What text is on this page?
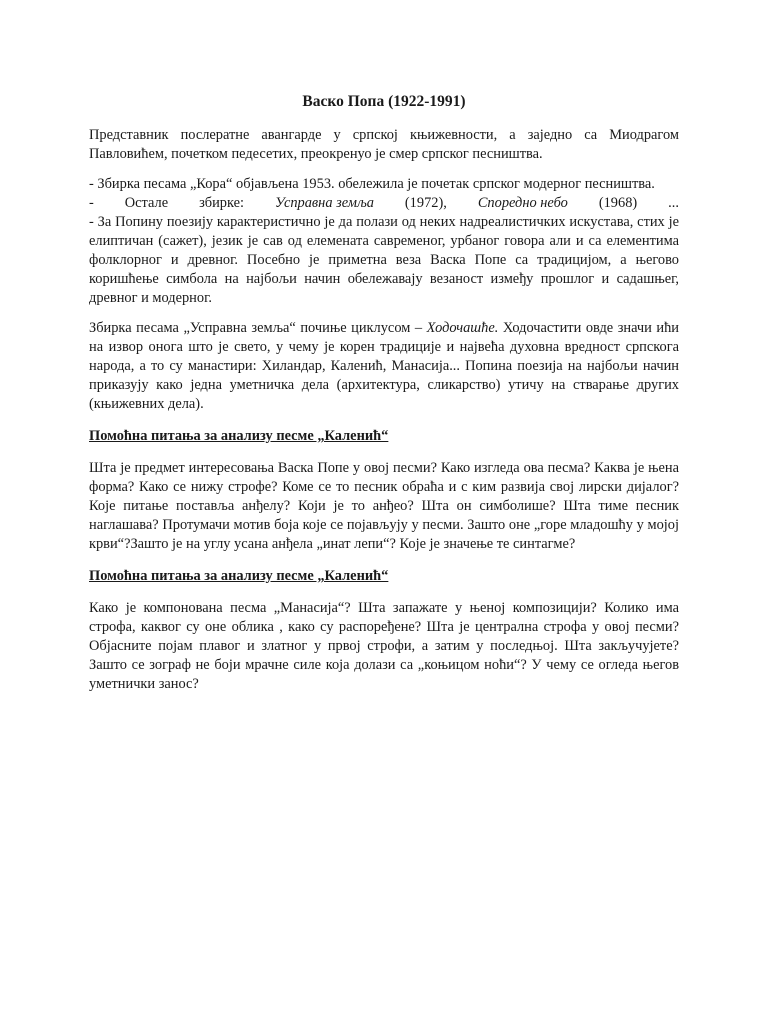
Васко Попа (1922-1991)

Представник послератне авангарде у српској књижевности, а заједно са Миодрагом Павловићем, почетком педесетих, преокренуо је смер српског песништва.

- Збирка песама „Кора“ објављена 1953. обележила је почетак српског модерног песништва.

- Остале збирке: Усправна земља (1972), Споредно небо (1968) ...

- За Попину поезију карактеристично је да полази од неких надреалистичких искустава, стих је елиптичан (сажет), језик је сав од елемената савременог, урбаног говора али и са елементима фолклорног и древног. Посебно је приметна веза Васка Попе са традицијом, а његово коришћење симбола на најбољи начин обележавају везаност између прошлог и садашњег, древног и модерног.

Збирка песама „Усправна земља“ почиње циклусом – Ходочашће. Ходочастити овде значи ићи на извор онога што је свето, у чему је корен традиције и највећа духовна вредност српскога народа, а то су манастири: Хиландар, Каленић, Манасија... Попина поезија на најбољи начин приказују како једна уметничка дела (архитектура, сликарство) утичу на стварање других (књижевних дела).

Помоћна питања за анализу песме „Каленић“

Шта је предмет интересовања Васка Попе у овој песми? Како изгледа ова песма? Каква је њена форма? Како се нижу строфе? Коме се то песник обраћа и с ким развија свој лирски дијалог? Које питање поставља анђелу? Који је то анђео? Шта он симболише? Шта тиме песник наглашава? Протумачи мотив боја које се појављују у песми. Зашто оне „горе младошћу у мојој крви“?Зашто је на углу усана анђела „инат лепи“? Које је значење те синтагме?

Помоћна питања за анализу песме „Каленић“

Како је компонована песма „Манасија“? Шта запажате у њеној композицији? Колико има строфа, каквог су оне облика , како су распоређене? Шта је централна строфа у овој песми? Објасните појам плавог и златног у првој строфи, а затим у последњој. Шта закључујете? Зашто се зограф не боји мрачне силе која долази са „коњицом ноћи“? У чему се огледа његов уметнички занос?
